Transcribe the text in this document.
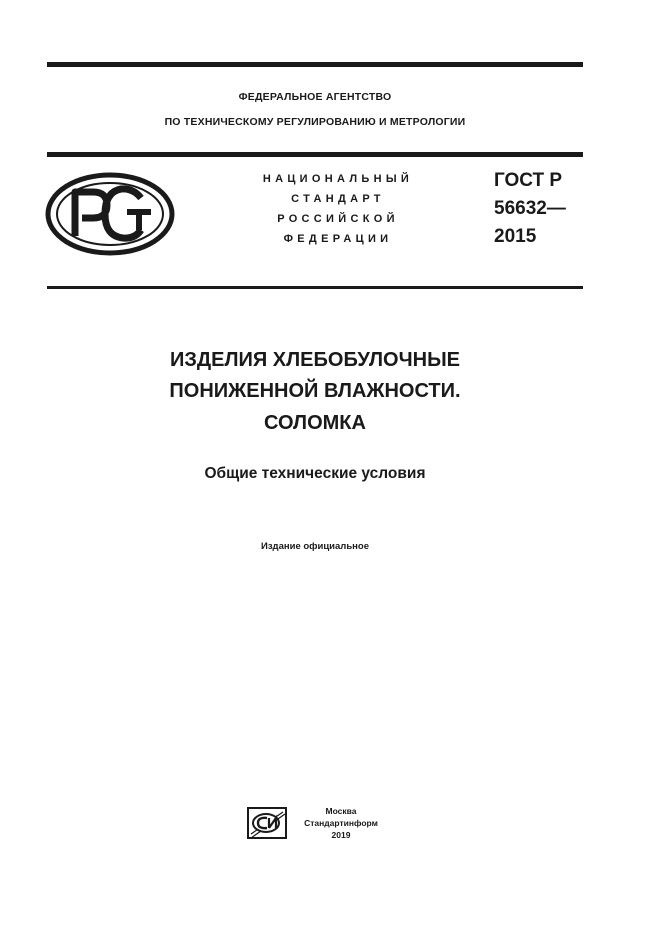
ФЕДЕРАЛЬНОЕ АГЕНТСТВО
ПО ТЕХНИЧЕСКОМУ РЕГУЛИРОВАНИЮ И МЕТРОЛОГИИ
НАЦИОНАЛЬНЫЙ
СТАНДАРТ
РОССИЙСКОЙ
ФЕДЕРАЦИИ
ГОСТ Р
56632—
2015
ИЗДЕЛИЯ ХЛЕБОБУЛОЧНЫЕ
ПОНИЖЕННОЙ ВЛАЖНОСТИ.
СОЛОМКА
Общие технические условия
Издание официальное
Москва
Стандартинформ
2019
